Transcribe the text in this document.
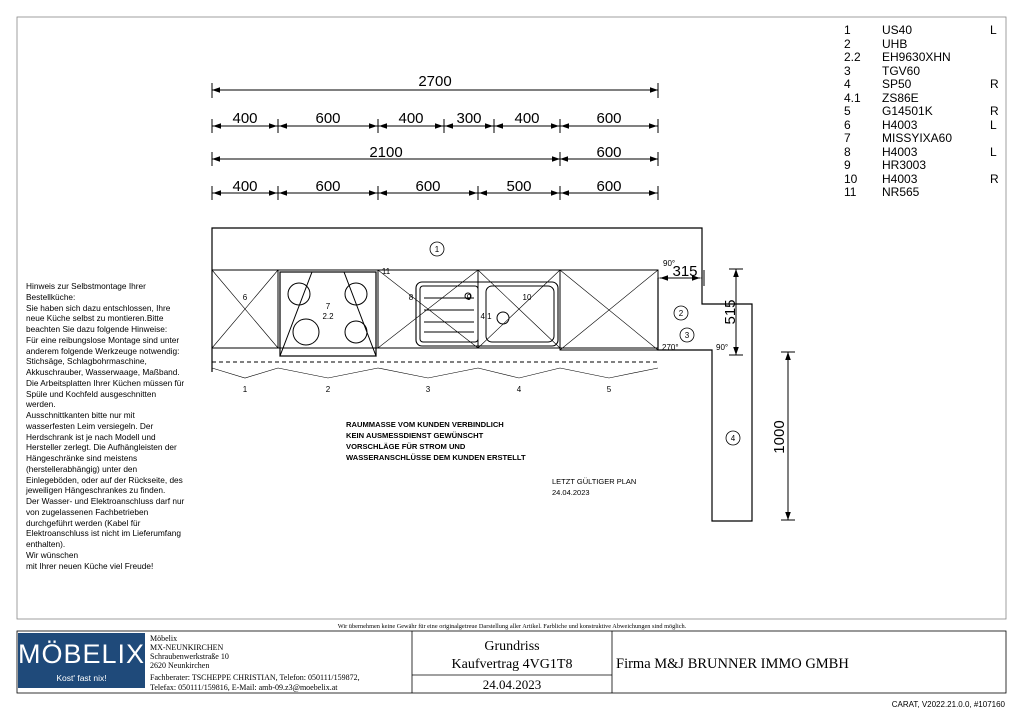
2700
400	600	400 300 400	600
2100	600
400	600	600	500	600
315
515
1000
90°
90°
270°
1
2
3
4
6
7
2.2
8	9	10
4.1
11
1	2	3	4	5
RAUMMASSE VOM KUNDEN VERBINDLICH
KEIN AUSMESSDIENST GEWÜNSCHT
VORSCHLÄGE FÜR STROM UND
WASSERANSCHLÜSSE DEM KUNDEN ERSTELLT
LETZT GÜLTIGER PLAN
24.04.2023
Wir übernehmen keine Gewähr für eine originalgetreue Darstellung aller Artikel. Farbliche und konstruktive Abweichungen sind möglich.
Möbelix
MX-NEUNKIRCHEN
Schraubenwerkstraße 10
2620 Neunkirchen
Fachberater: TSCHEPPE CHRISTIAN, Telefon: 050111/159872,
Telefax: 050111/159816, E-Mail: amb-09.z3@moebelix.at
Grundriss
Kaufvertrag 4VG1T8
24.04.2023
Firma M&J BRUNNER IMMO GMBH
CARAT, V2022.21.0.0, #107160
MÖBELIX
Kost' fast nix!
Hinweis zur Selbstmontage Ihrer Bestellküche:
Sie haben sich dazu entschlossen, Ihre neue Küche selbst zu montieren.Bitte beachten Sie dazu folgende Hinweise:
Für eine reibungslose Montage sind unter anderem folgende Werkzeuge notwendig: Stichsäge, Schlagbohrmaschine, Akkuschrauber, Wasserwaage, Maßband. Die Arbeitsplatten Ihrer Küchen müssen für Spüle und Kochfeld ausgeschnitten werden.
Ausschnittkanten bitte nur mit wasserfesten Leim versiegeln. Der Herdschrank ist je nach Modell und Hersteller zerlegt. Die Aufhängleisten der Hängeschränke sind meistens (herstellerabhängig) unter den Einlegeböden, oder auf der Rückseite, des jeweiligen Hängeschrankes zu finden.
Der Wasser- und Elektroanschluss darf nur von zugelassenen Fachbetrieben durchgeführt werden (Kabel für Elektroanschluss ist nicht im Lieferumfang enthalten).
Wir wünschen
mit Ihrer neuen Küche viel Freude!
1	US40	L
2	UHB
2.2 EH9630XHN
3	TGV60
4	SP50	R
4.1 ZS86E
5	G14501K	R
6	H4003	L
7	MISSYIXA60
8	H4003	L
9	HR3003
10 H4003	R
11 NR565
